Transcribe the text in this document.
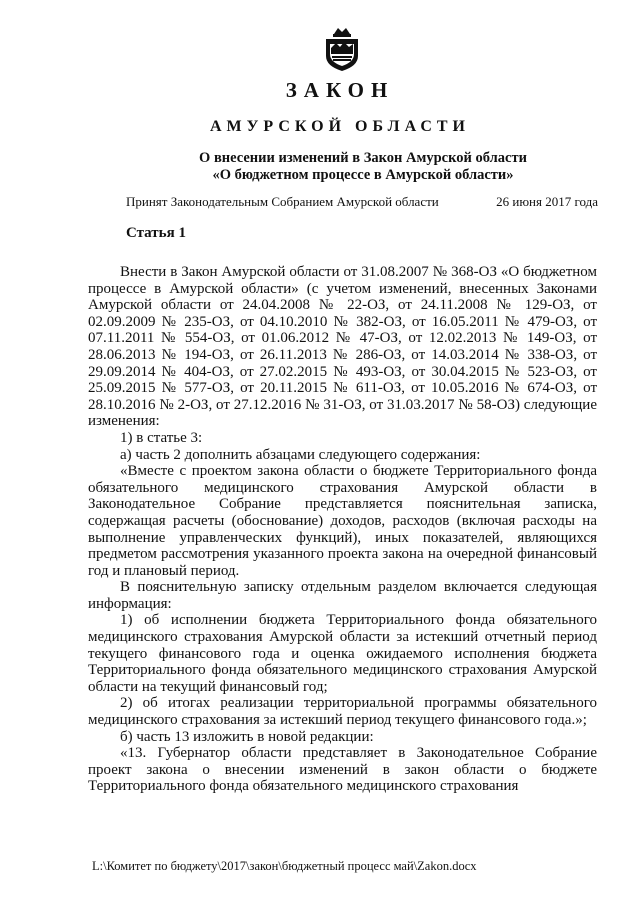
ЗАКОН
АМУРСКОЙ ОБЛАСТИ
О внесении изменений в Закон Амурской области
«О бюджетном процессе в Амурской области»
Принят Законодательным Собранием Амурской области	26 июня 2017 года
Статья 1

Внести в Закон Амурской области от 31.08.2007 № 368-ОЗ «О бюджетном процессе в Амурской области» (с учетом изменений, внесенных Законами Амурской области от 24.04.2008 № 22-ОЗ, от 24.11.2008 № 129-ОЗ, от 02.09.2009 № 235-ОЗ, от 04.10.2010 № 382-ОЗ, от 16.05.2011 № 479-ОЗ, от 07.11.2011 № 554-ОЗ, от 01.06.2012 № 47-ОЗ, от 12.02.2013 № 149-ОЗ, от 28.06.2013 № 194-ОЗ, от 26.11.2013 № 286-ОЗ, от 14.03.2014 № 338-ОЗ, от 29.09.2014 № 404-ОЗ, от 27.02.2015 № 493-ОЗ, от 30.04.2015 № 523-ОЗ, от 25.09.2015 № 577-ОЗ, от 20.11.2015 № 611-ОЗ, от 10.05.2016 № 674-ОЗ, от 28.10.2016 № 2-ОЗ, от 27.12.2016 № 31-ОЗ, от 31.03.2017 № 58-ОЗ) следующие изменения:

1) в статье 3:

а) часть 2 дополнить абзацами следующего содержания:

«Вместе с проектом закона области о бюджете Территориального фонда обязательного медицинского страхования Амурской области в Законодательное Собрание представляется пояснительная записка, содержащая расчеты (обоснование) доходов, расходов (включая расходы на выполнение управленческих функций), иных показателей, являющихся предметом рассмотрения указанного проекта закона на очередной финансовый год и плановый период.

В пояснительную записку отдельным разделом включается следующая информация:

1) об исполнении бюджета Территориального фонда обязательного медицинского страхования Амурской области за истекший отчетный период текущего финансового года и оценка ожидаемого исполнения бюджета Территориального фонда обязательного медицинского страхования Амурской области на текущий финансовый год;

2) об итогах реализации территориальной программы обязательного медицинского страхования за истекший период текущего финансового года.»;

б) часть 13 изложить в новой редакции:

«13. Губернатор области представляет в Законодательное Собрание проект закона о внесении изменений в закон области о бюджете Территориального фонда обязательного медицинского страхования

L:\Комитет по бюджету\2017\закон\бюджетный процесс май\Zakon.docx
